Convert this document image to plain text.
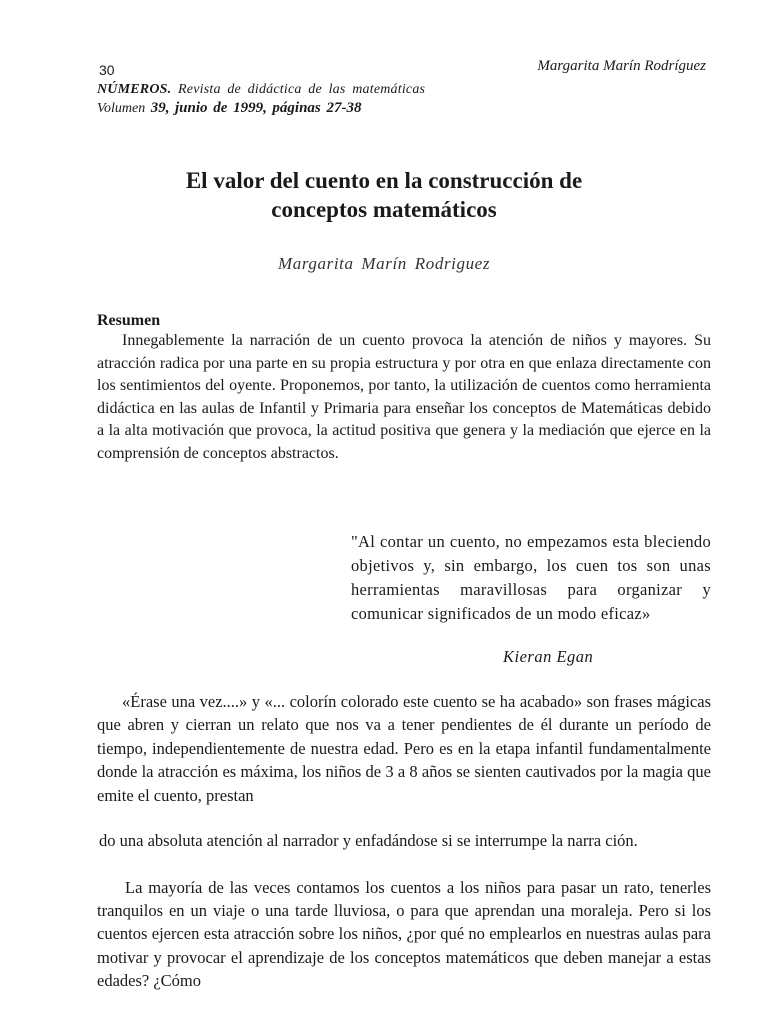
30	Margarita Marín Rodríguez
NÚMEROS. Revista de didáctica de las matemáticas
Volumen 39, junio de 1999, páginas 27-38
El valor del cuento en la construcción de
conceptos matemáticos
Margarita Marín Rodriguez
Resumen
Innegablemente la narración de un cuento provoca la atención de niños y mayores. Su atracción radica por una parte en su propia estructura y por otra en que enlaza directamente con los sentimientos del oyente. Proponemos, por tanto, la utilización de cuentos como herramienta didáctica en las aulas de Infantil y Primaria para enseñar los conceptos de Matemáticas debido a la alta motivación que provoca, la actitud positiva que genera y la mediación que ejerce en la comprensión de conceptos abstractos.
"Al contar un cuento, no empezamos esta bleciendo objetivos y, sin embargo, los cuen tos son unas herramientas maravillosas para organizar y comunicar significados de un modo eficaz»
Kieran Egan
«Érase una vez....» y «... colorín colorado este cuento se ha acabado» son frases mágicas que abren y cierran un relato que nos va a tener pendientes de él durante un período de tiempo, independientemente de nuestra edad. Pero es en la etapa infantil fundamentalmente donde la atracción es máxima, los niños de 3 a 8 años se sienten cautivados por la magia que emite el cuento, prestan
do una absoluta atención al narrador y enfadándose si se interrumpe la narra ción.
La mayoría de las veces contamos los cuentos a los niños para pasar un rato, tenerles tranquilos en un viaje o una tarde lluviosa, o para que aprendan una moraleja. Pero si los cuentos ejercen esta atracción sobre los niños, ¿por qué no emplearlos en nuestras aulas para motivar y provocar el aprendizaje de los conceptos matemáticos que deben manejar a estas edades? ¿Cómo
